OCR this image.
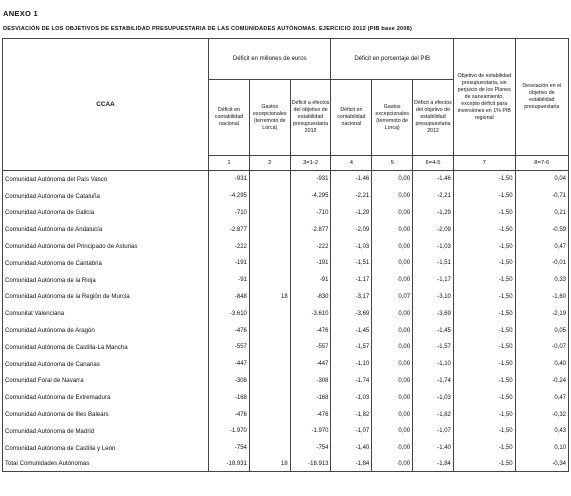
ANEXO 1
DESVIACIÓN DE LOS OBJETIVOS DE ESTABILIDAD PRESUPUESTARIA DE LAS COMUNIDADES AUTÓNOMAS. EJERCICIO 2012 (PIB base 2008)
CCAA	Déficit en millones de euros			Déficit en porcentaje del PIB			Objetivo de estabilidad presupuestaria, sin perjuicio de los Planes de saneamiento, excepto déficit para inversiones en 1% PIB regional	Desviación en el objetivo de estabilidad presupuestaria
	Déficit en contabilidad nacional	Gastos excepcionales (terremoto de Lorca)	Déficit a efectos del objetivo de estabilidad presupuestaria 2012	Déficit en contabilidad nacional	Gastos excepcionales (terremoto de Lorca)	Déficit a efectos del objetivo de estabilidad presupuestaria 2012		
	1	2	3=1-2	4	5	6=4-5	7	8=7-6
Comunidad Autónoma del País Vasco	-931		-931	-1,46	0,00	-1,46	-1,50	0,04
Comunidad Autónoma de Cataluña	-4.295		-4.295	-2,21	0,00	-2,21	-1,50	-0,71
Comunidad Autónoma de Galicia	-710		-710	-1,29	0,00	-1,29	-1,50	0,21
Comunidad Autónoma de Andalucía	-2.877		-2.877	-2,09	0,00	-2,09	-1,50	-0,59
Comunidad Autónoma del Principado de Asturias	-222		-222	-1,03	0,00	-1,03	-1,50	0,47
Comunidad Autónoma de Cantabria	-191		-191	-1,51	0,00	-1,51	-1,50	-0,01
Comunidad Autónoma de la Rioja	-91		-91	-1,17	0,00	-1,17	-1,50	0,33
Comunidad Autónoma de la Región de Murcia	-848	18	-830	-3,17	0,07	-3,10	-1,50	-1,60
Comunitat Valenciana	-3.610		-3.610	-3,69	0,00	-3,69	-1,50	-2,19
Comunidad Autónoma de Aragón	-476		-476	-1,45	0,00	-1,45	-1,50	0,05
Comunidad Autónoma de Castilla-La Mancha	-557		-557	-1,57	0,00	-1,57	-1,50	-0,07
Comunidad Autónoma de Canarias	-447		-447	-1,10	0,00	-1,10	-1,50	0,40
Comunidad Foral de Navarra	-308		-308	-1,74	0,00	-1,74	-1,50	-0,24
Comunidad Autónoma de Extremadura	-168		-168	-1,03	0,00	-1,03	-1,50	0,47
Comunidad Autónoma de Illes Balears	-476		-476	-1,82	0,00	-1,82	-1,50	-0,32
Comunidad Autónoma de Madrid	-1.970		-1.970	-1,07	0,00	-1,07	-1,50	0,43
Comunidad Autónoma de Castilla y León	-754		-754	-1,40	0,00	-1,40	-1,50	0,10
Total Comunidades Autónomas	-18.931	18	-18.913	-1,84	0,00	-1,84	-1,50	-0,34
